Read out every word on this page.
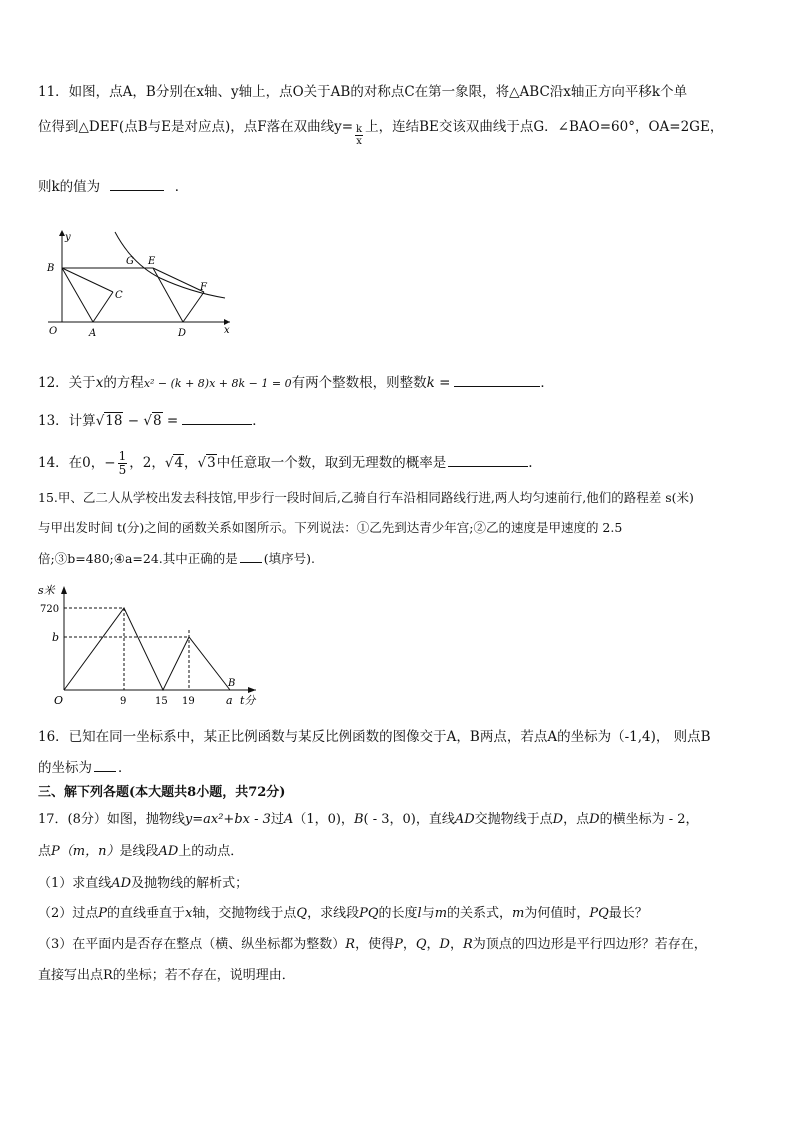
11．如图，点A，B分别在x轴、y轴上，点O关于AB的对称点C在第一象限，将△ABC沿x轴正方向平移k个单
位得到△DEF(点B与E是对应点)，点F落在双曲线$y= \frac{k}{x}$ 上，连结BE交该双曲线于点G．∠BAO=60°，OA=2GE，
则k的值为	．
y
B
G E
F
C
O	A	D	x
12．关于x的方程x² − (k + 8)x + 8k − 1 = 0有两个整数根，则整数k =	．
13．计算√18 − √8 =	．
14．在0，− $\frac{1}{5}$ ，2，√4，√3中任意取一个数，取到无理数的概率是	.
15.甲、乙二人从学校出发去科技馆,甲步行一段时间后,乙骑自行车沿相同路线行进,两人均匀速前行,他们的路程差 s(米)
与甲出发时间 t(分)之间的函数关系如图所示。下列说法：①乙先到达青少年宫;②乙的速度是甲速度的 2.5
倍;③b=480;④a=24.其中正确的是 (填序号).
s米
720
b
O	9	15 19	a
B
t分
16．已知在同一坐标系中，某正比例函数与某反比例函数的图像交于A，B两点，若点A的坐标为（-1,4)， 则点B
的坐标为 ．
三、解下列各题(本大题共8小题，共72分)
17．(8分）如图，抛物线y=ax²+bx - 3过A（1，0)，B( - 3，0)，直线AD交抛物线于点D，点D的横坐标为 - 2，
点P（m，n）是线段AD上的动点．
（1）求直线AD及抛物线的解析式；
（2）过点P的直线垂直于x轴，交抛物线于点Q，求线段PQ的长度l与m的关系式，m为何值时，PQ最长？
（3）在平面内是否存在整点（横、纵坐标都为整数）R，使得P，Q，D，R为顶点的四边形是平行四边形？若存在，
直接写出点R的坐标；若不存在，说明理由．
